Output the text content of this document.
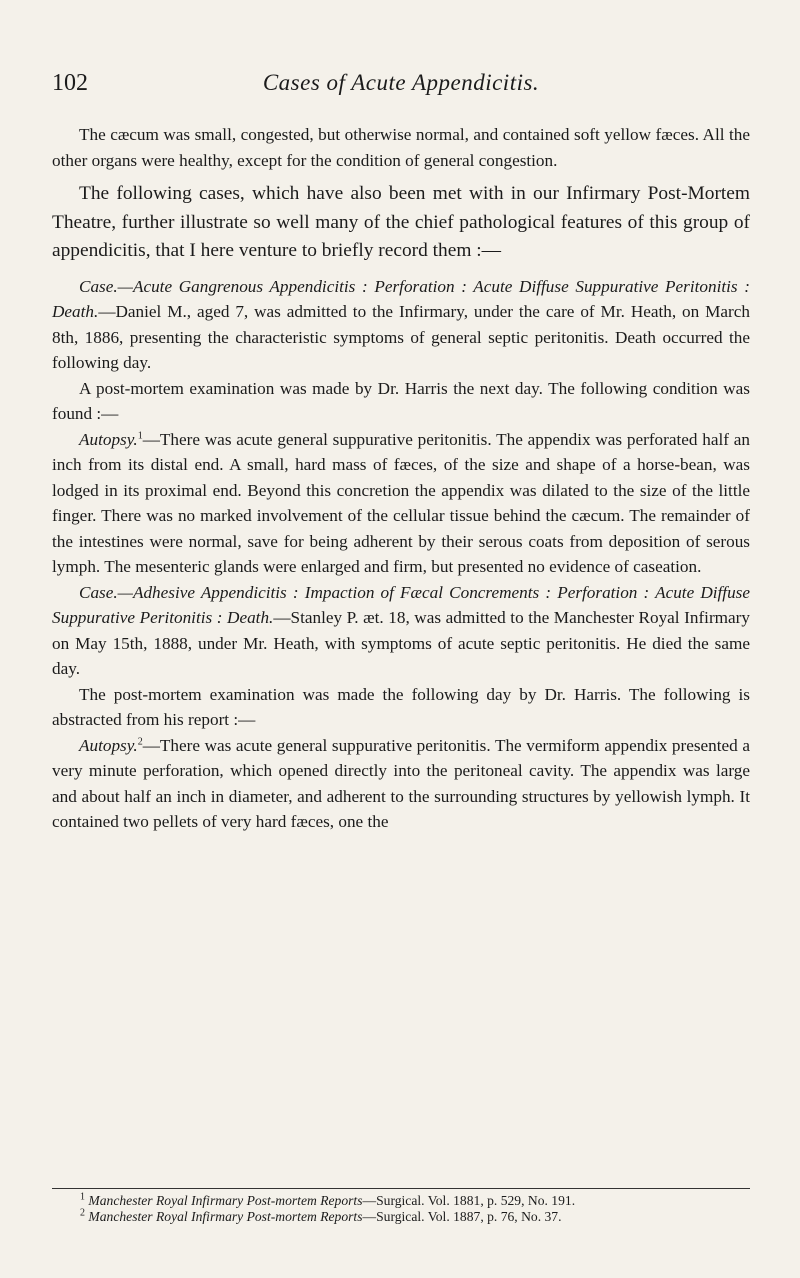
102	Cases of Acute Appendicitis.

The cæcum was small, congested, but otherwise normal, and contained soft yellow fæces. All the other organs were healthy, except for the condition of general congestion.

The following cases, which have also been met with in our Infirmary Post-Mortem Theatre, further illustrate so well many of the chief pathological features of this group of appendicitis, that I here venture to briefly record them :—

Case.—Acute Gangrenous Appendicitis : Perforation : Acute Diffuse Suppurative Peritonitis : Death.—Daniel M., aged 7, was admitted to the Infirmary, under the care of Mr. Heath, on March 8th, 1886, presenting the characteristic symptoms of general septic peritonitis. Death occurred the following day.

A post-mortem examination was made by Dr. Harris the next day. The following condition was found :—

Autopsy.$^1$—There was acute general suppurative peritonitis. The appendix was perforated half an inch from its distal end. A small, hard mass of fæces, of the size and shape of a horse-bean, was lodged in its proximal end. Beyond this concretion the appendix was dilated to the size of the little finger. There was no marked involvement of the cellular tissue behind the cæcum. The remainder of the intestines were normal, save for being adherent by their serous coats from deposition of serous lymph. The mesenteric glands were enlarged and firm, but presented no evidence of caseation.

Case.—Adhesive Appendicitis : Impaction of Fæcal Concrements : Perforation : Acute Diffuse Suppurative Peritonitis : Death.—Stanley P. æt. 18, was admitted to the Manchester Royal Infirmary on May 15th, 1888, under Mr. Heath, with symptoms of acute septic peritonitis. He died the same day.

The post-mortem examination was made the following day by Dr. Harris. The following is abstracted from his report :—

Autopsy.$^2$—There was acute general suppurative peritonitis. The vermiform appendix presented a very minute perforation, which opened directly into the peritoneal cavity. The appendix was large and about half an inch in diameter, and adherent to the surrounding structures by yellowish lymph. It contained two pellets of very hard fæces, one the

$^1$ Manchester Royal Infirmary Post-mortem Reports—Surgical. Vol. 1881, p. 529, No. 191.

$^2$ Manchester Royal Infirmary Post-mortem Reports—Surgical. Vol. 1887, p. 76, No. 37.
